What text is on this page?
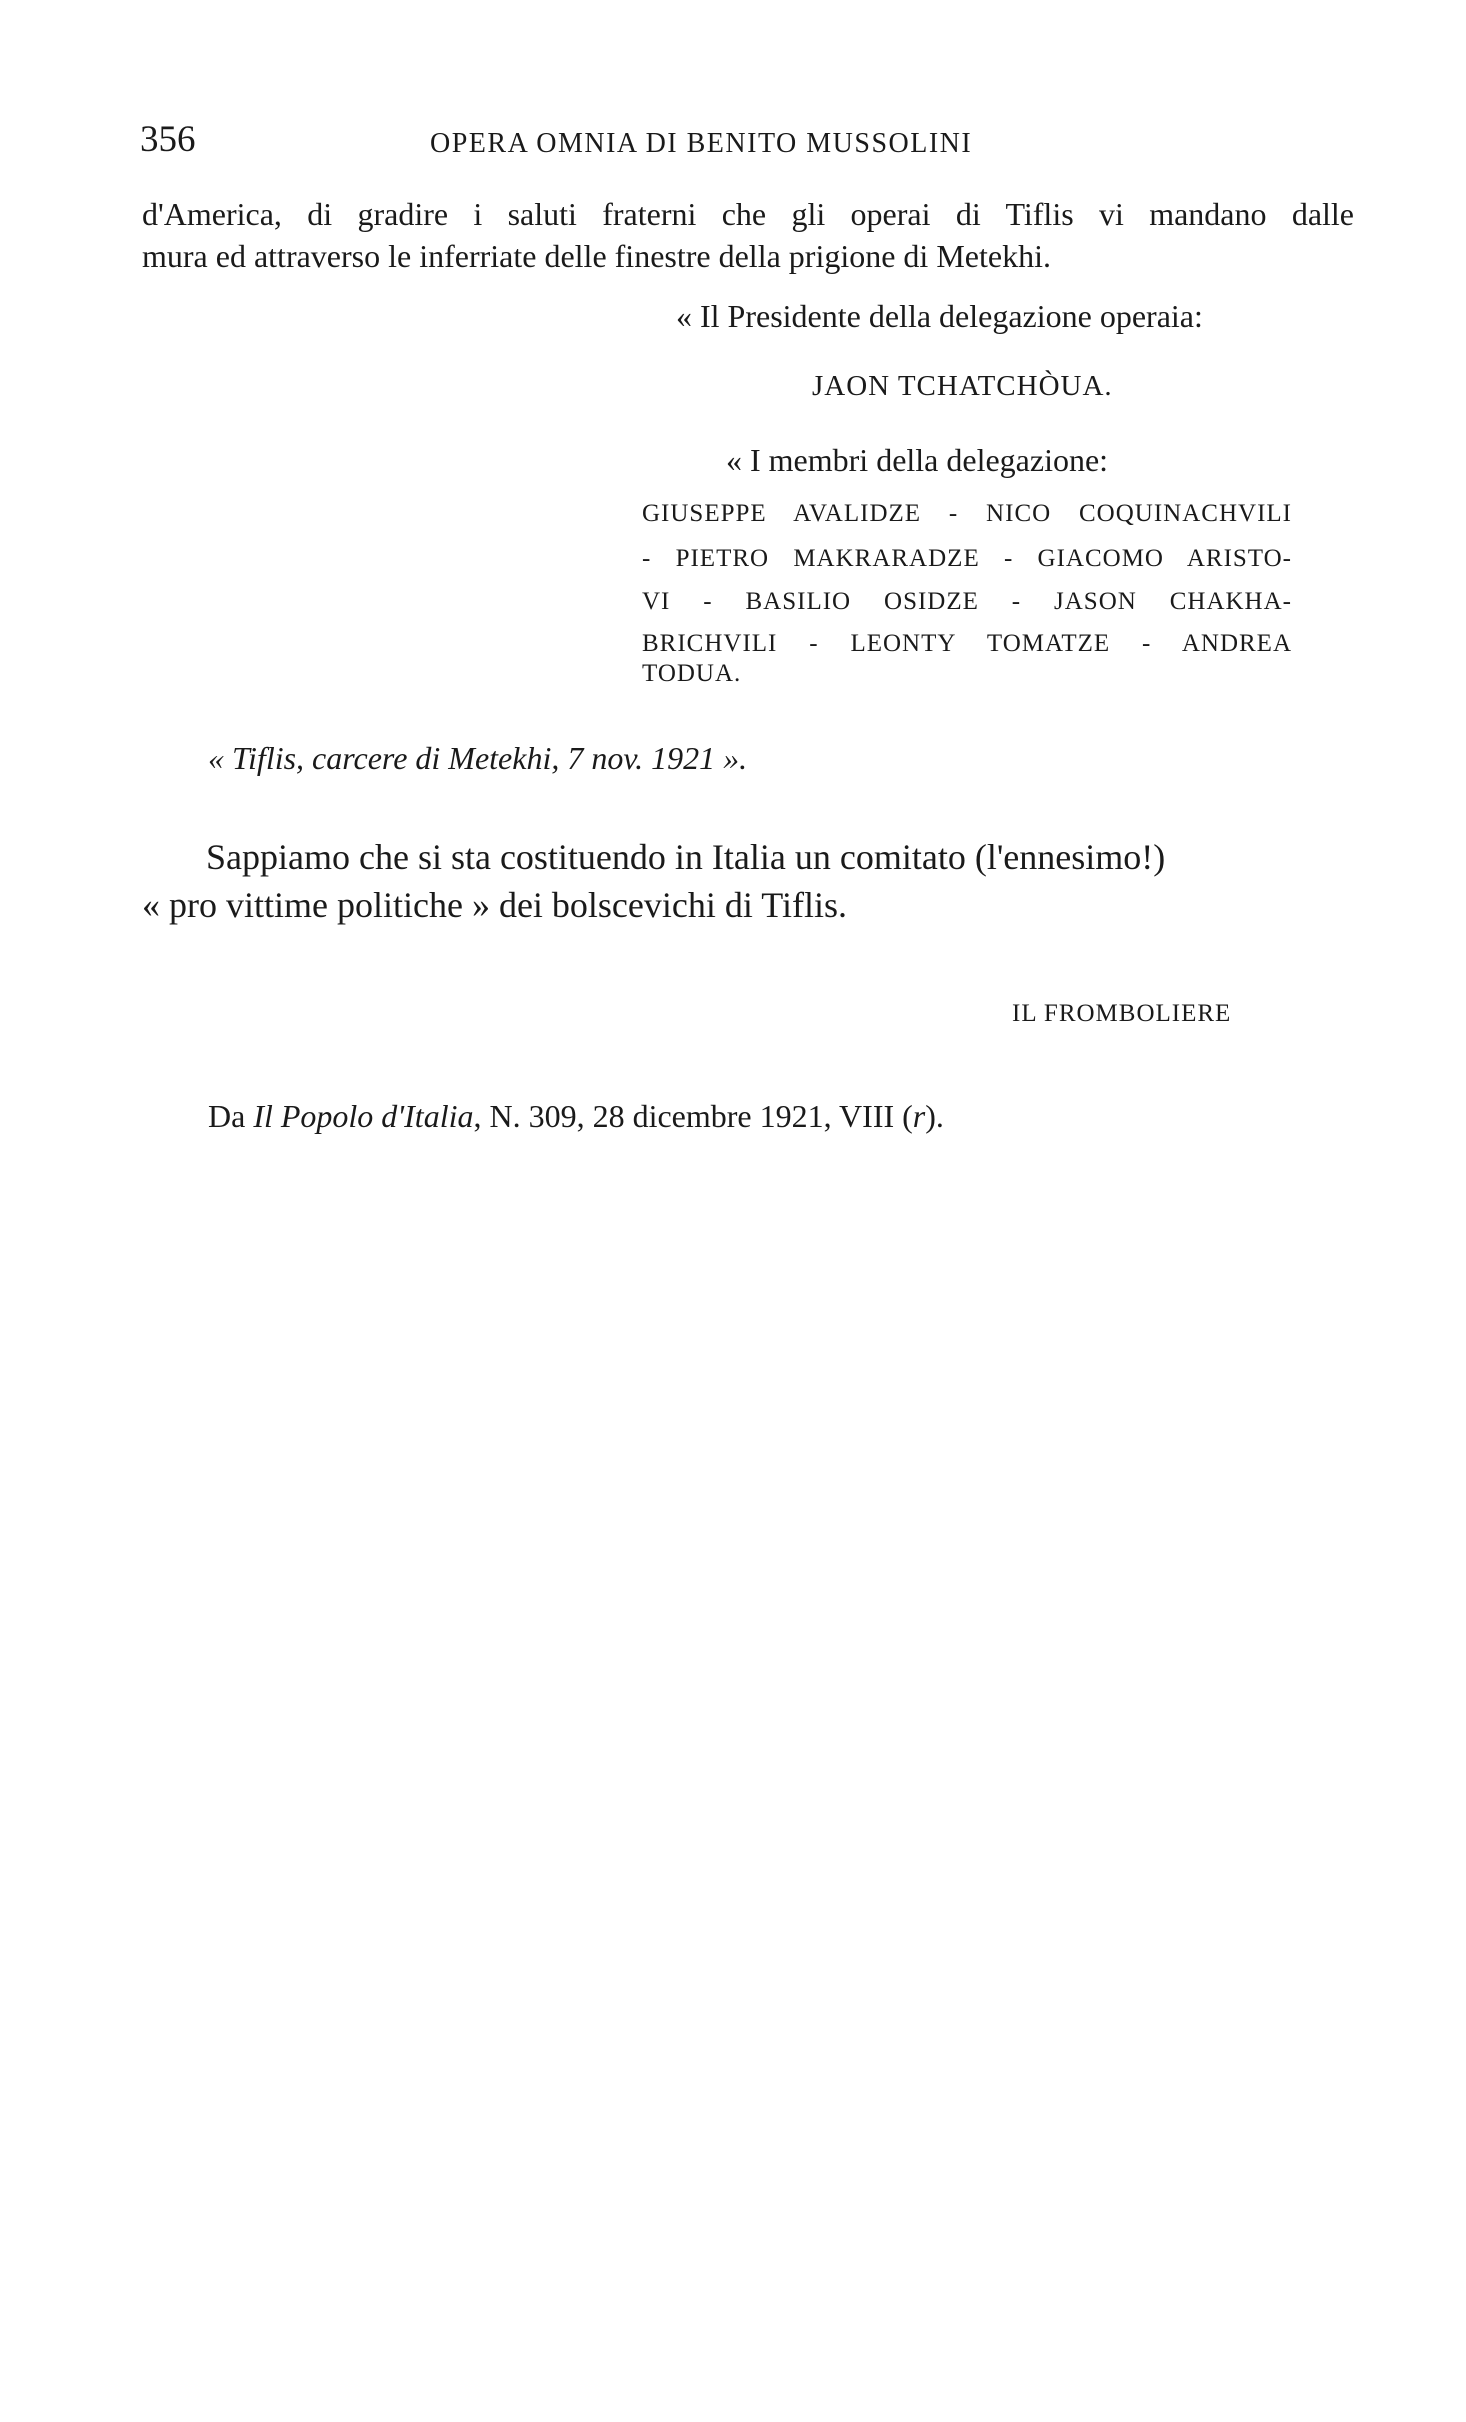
356	OPERA OMNIA DI BENITO MUSSOLINI
d'America, di gradire i saluti fraterni che gli operai di Tiflis vi mandano dalle
mura ed attraverso le inferriate delle finestre della prigione di Metekhi.
« Il Presidente della delegazione operaia:
JAON TCHATCHÒUA.
« I membri della delegazione:
GIUSEPPE AVALIDZE - NICO COQUINACHVILI
- PIETRO MAKRARADZE - GIACOMO ARISTO-
VI - BASILIO OSIDZE - JASON CHAKHA-
BRICHVILI - LEONTY TOMATZE - ANDREA
TODUA.
« Tiflis, carcere di Metekhi, 7 nov. 1921 ».
Sappiamo che si sta costituendo in Italia un comitato (l'ennesimo!)
« pro vittime politiche » dei bolscevichi di Tiflis.
IL FROMBOLIERE
Da Il Popolo d'Italia, N. 309, 28 dicembre 1921, VIII (r).
